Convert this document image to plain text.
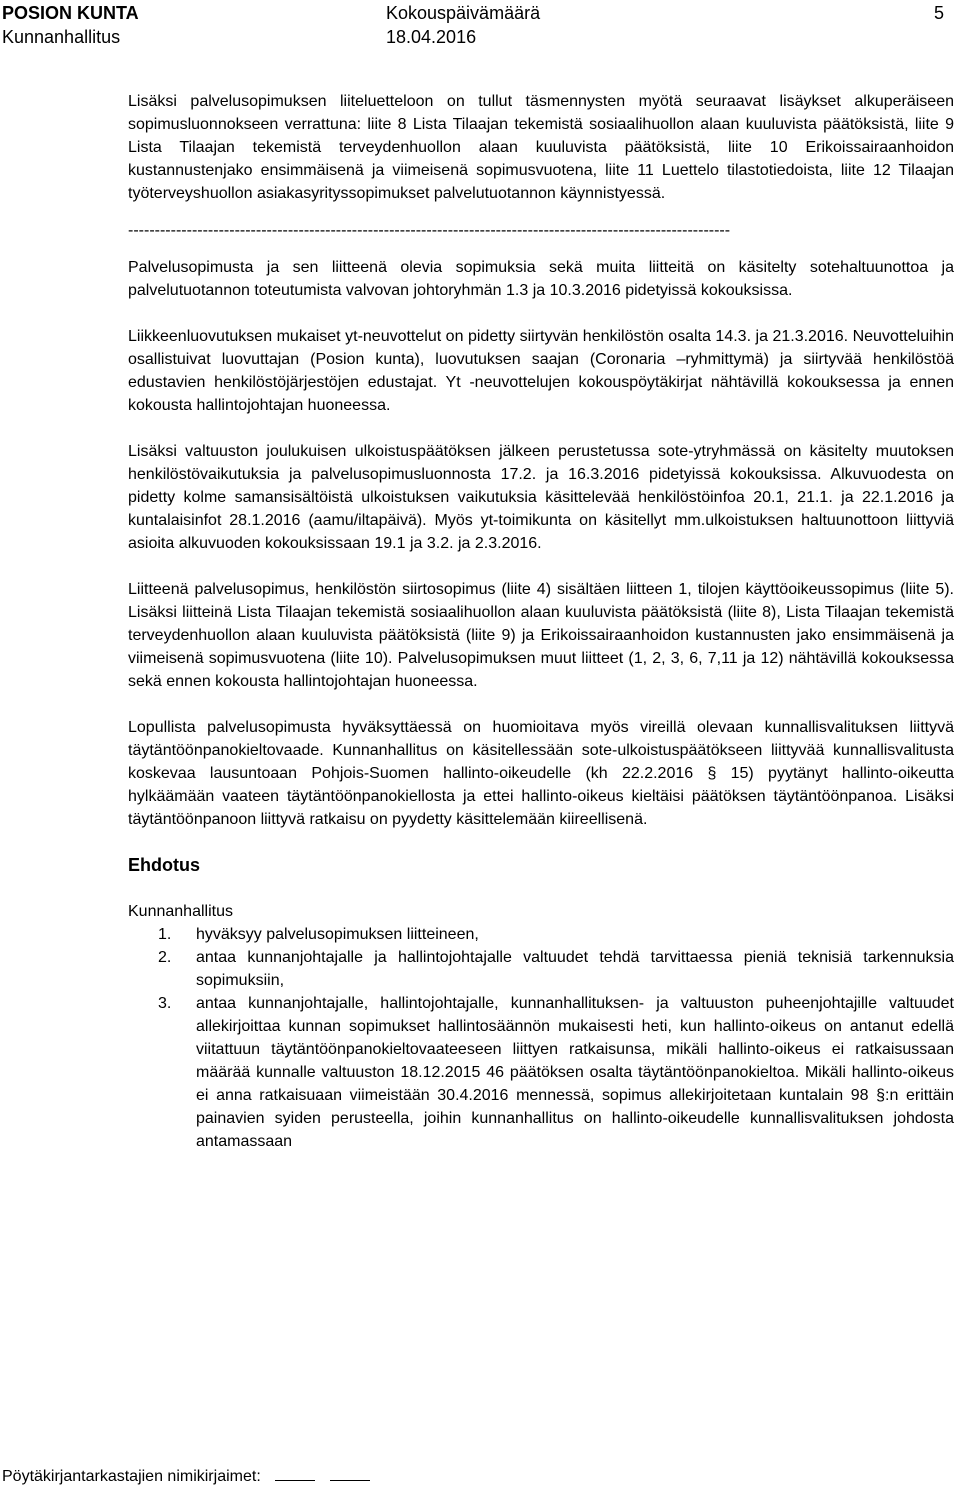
POSION KUNTA	Kokouspäivämäärä	5
Kunnanhallitus	18.04.2016

Lisäksi palvelusopimuksen liiteluetteloon on tullut täsmennysten myötä seuraavat lisäykset alkuperäiseen sopimusluonnokseen verrattuna: liite 8 Lista Tilaajan tekemistä sosiaalihuollon alaan kuuluvista päätöksistä, liite 9 Lista Tilaajan tekemistä terveydenhuollon alaan kuuluvista päätöksistä, liite 10 Erikoissairaanhoidon kustannustenjako ensimmäisenä ja viimeisenä sopimusvuotena, liite 11 Luettelo tilastotiedoista, liite 12 Tilaajan työterveyshuollon asiakasyrityssopimukset palvelutuotannon käynnistyessä.

-----------------------------------------------------------------------------------------------------------------

Palvelusopimusta ja sen liitteenä olevia sopimuksia sekä muita liitteitä on käsitelty sotehaltuunottoa ja palvelutuotannon toteutumista valvovan johtoryhmän 1.3 ja 10.3.2016 pidetyissä kokouksissa.

Liikkeenluovutuksen mukaiset yt-neuvottelut on pidetty siirtyvän henkilöstön osalta 14.3. ja 21.3.2016. Neuvotteluihin osallistuivat luovuttajan (Posion kunta), luovutuksen saajan (Coronaria –ryhmittymä) ja siirtyvää henkilöstöä edustavien henkilöstöjärjestöjen edustajat. Yt -neuvottelujen kokouspöytäkirjat nähtävillä kokouksessa ja ennen kokousta hallintojohtajan huoneessa.

Lisäksi valtuuston joulukuisen ulkoistuspäätöksen jälkeen perustetussa sote-ytryhmässä on käsitelty muutoksen henkilöstövaikutuksia ja palvelusopimusluonnosta 17.2. ja 16.3.2016 pidetyissä kokouksissa. Alkuvuodesta on pidetty kolme samansisältöistä ulkoistuksen vaikutuksia käsittelevää henkilöstöinfoa 20.1, 21.1. ja 22.1.2016 ja kuntalaisinfot 28.1.2016 (aamu/iltapäivä). Myös yt-toimikunta on käsitellyt mm.ulkoistuksen haltuunottoon liittyviä asioita alkuvuoden kokouksissaan 19.1 ja 3.2. ja 2.3.2016.

Liitteenä palvelusopimus, henkilöstön siirtosopimus (liite 4) sisältäen liitteen 1, tilojen käyttöoikeussopimus (liite 5). Lisäksi liitteinä Lista Tilaajan tekemistä sosiaalihuollon alaan kuuluvista päätöksistä (liite 8), Lista Tilaajan tekemistä terveydenhuollon alaan kuuluvista päätöksistä (liite 9) ja Erikoissairaanhoidon kustannusten jako ensimmäisenä ja viimeisenä sopimusvuotena (liite 10). Palvelusopimuksen muut liitteet (1, 2, 3, 6, 7,11 ja 12) nähtävillä kokouksessa sekä ennen kokousta hallintojohtajan huoneessa.

Lopullista palvelusopimusta hyväksyttäessä on huomioitava myös vireillä olevaan kunnallisvalituksen liittyvä täytäntöönpanokieltovaade. Kunnanhallitus on käsitellessään sote-ulkoistuspäätökseen liittyvää kunnallisvalitusta koskevaa lausuntoaan Pohjois-Suomen hallinto-oikeudelle (kh 22.2.2016 § 15) pyytänyt hallinto-oikeutta hylkäämään vaateen täytäntöönpanokiellosta ja ettei hallinto-oikeus kieltäisi päätöksen täytäntöönpanoa. Lisäksi täytäntöönpanoon liittyvä ratkaisu on pyydetty käsittelemään kiireellisenä.

Ehdotus

Kunnanhallitus

1. hyväksyy palvelusopimuksen liitteineen,
2. antaa kunnanjohtajalle ja hallintojohtajalle valtuudet tehdä tarvittaessa pieniä teknisiä tarkennuksia sopimuksiin,
3. antaa kunnanjohtajalle, hallintojohtajalle, kunnanhallituksen- ja valtuuston puheenjohtajille valtuudet allekirjoittaa kunnan sopimukset hallintosäännön mukaisesti heti, kun hallinto-oikeus on antanut edellä viitattuun täytäntöönpanokieltovaateeseen liittyen ratkaisunsa, mikäli hallinto-oikeus ei ratkaisussaan määrää kunnalle valtuuston 18.12.2015 46 päätöksen osalta täytäntöönpanokieltoa. Mikäli hallinto-oikeus ei anna ratkaisuaan viimeistään 30.4.2016 mennessä, sopimus allekirjoitetaan kuntalain 98 §:n erittäin painavien syiden perusteella, joihin kunnanhallitus on hallinto-oikeudelle kunnallisvalituksen johdosta antamassaan
Pöytäkirjantarkastajien nimikirjaimet:
